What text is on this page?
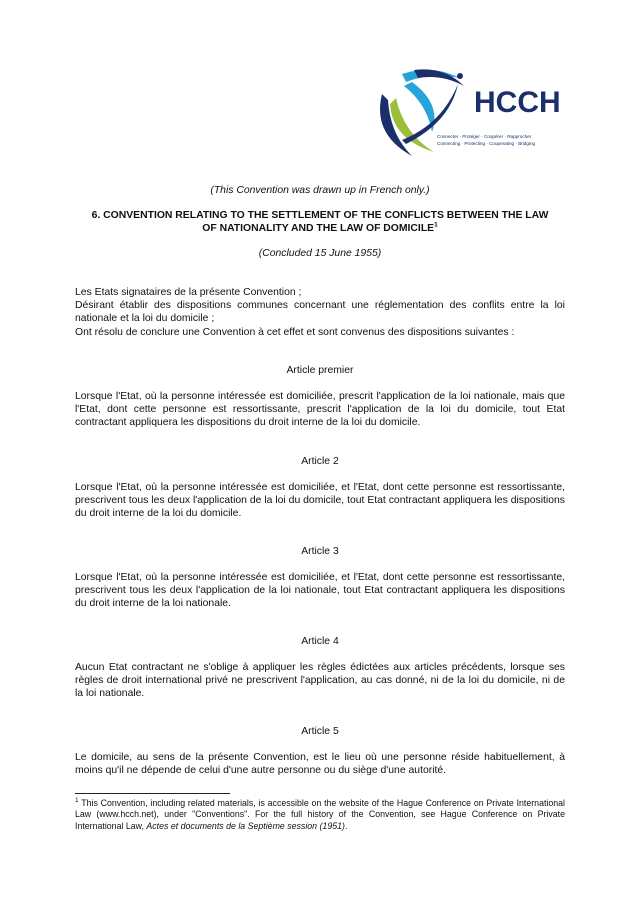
HCCH
Connecter · Protéger · Coopérer · Rapprocher
Connecting · Protecting · Cooperating · Bridging
(This Convention was drawn up in French only.)
6. CONVENTION RELATING TO THE SETTLEMENT OF THE CONFLICTS BETWEEN THE LAW OF NATIONALITY AND THE LAW OF DOMICILE$^1$
(Concluded 15 June 1955)
Les Etats signataires de la présente Convention ;
Désirant établir des dispositions communes concernant une réglementation des conflits entre la loi nationale et la loi du domicile ;
Ont résolu de conclure une Convention à cet effet et sont convenus des dispositions suivantes :
Article premier
Lorsque l'Etat, où la personne intéressée est domiciliée, prescrit l'application de la loi nationale, mais que l'Etat, dont cette personne est ressortissante, prescrit l'application de la loi du domicile, tout Etat contractant appliquera les dispositions du droit interne de la loi du domicile.
Article 2
Lorsque l'Etat, où la personne intéressée est domiciliée, et l'Etat, dont cette personne est ressortissante, prescrivent tous les deux l'application de la loi du domicile, tout Etat contractant appliquera les dispositions du droit interne de la loi du domicile.
Article 3
Lorsque l'Etat, où la personne intéressée est domiciliée, et l'Etat, dont cette personne est ressortissante, prescrivent tous les deux l'application de la loi nationale, tout Etat contractant appliquera les dispositions du droit interne de la loi nationale.
Article 4
Aucun Etat contractant ne s'oblige à appliquer les règles édictées aux articles précédents, lorsque ses règles de droit international privé ne prescrivent l'application, au cas donné, ni de la loi du domicile, ni de la loi nationale.
Article 5
Le domicile, au sens de la présente Convention, est le lieu où une personne réside habituellement, à moins qu'il ne dépende de celui d'une autre personne ou du siège d'une autorité.
$^1$ This Convention, including related materials, is accessible on the website of the Hague Conference on Private International Law (www.hcch.net), under "Conventions". For the full history of the Convention, see Hague Conference on Private International Law, Actes et documents de la Septième session (1951).
